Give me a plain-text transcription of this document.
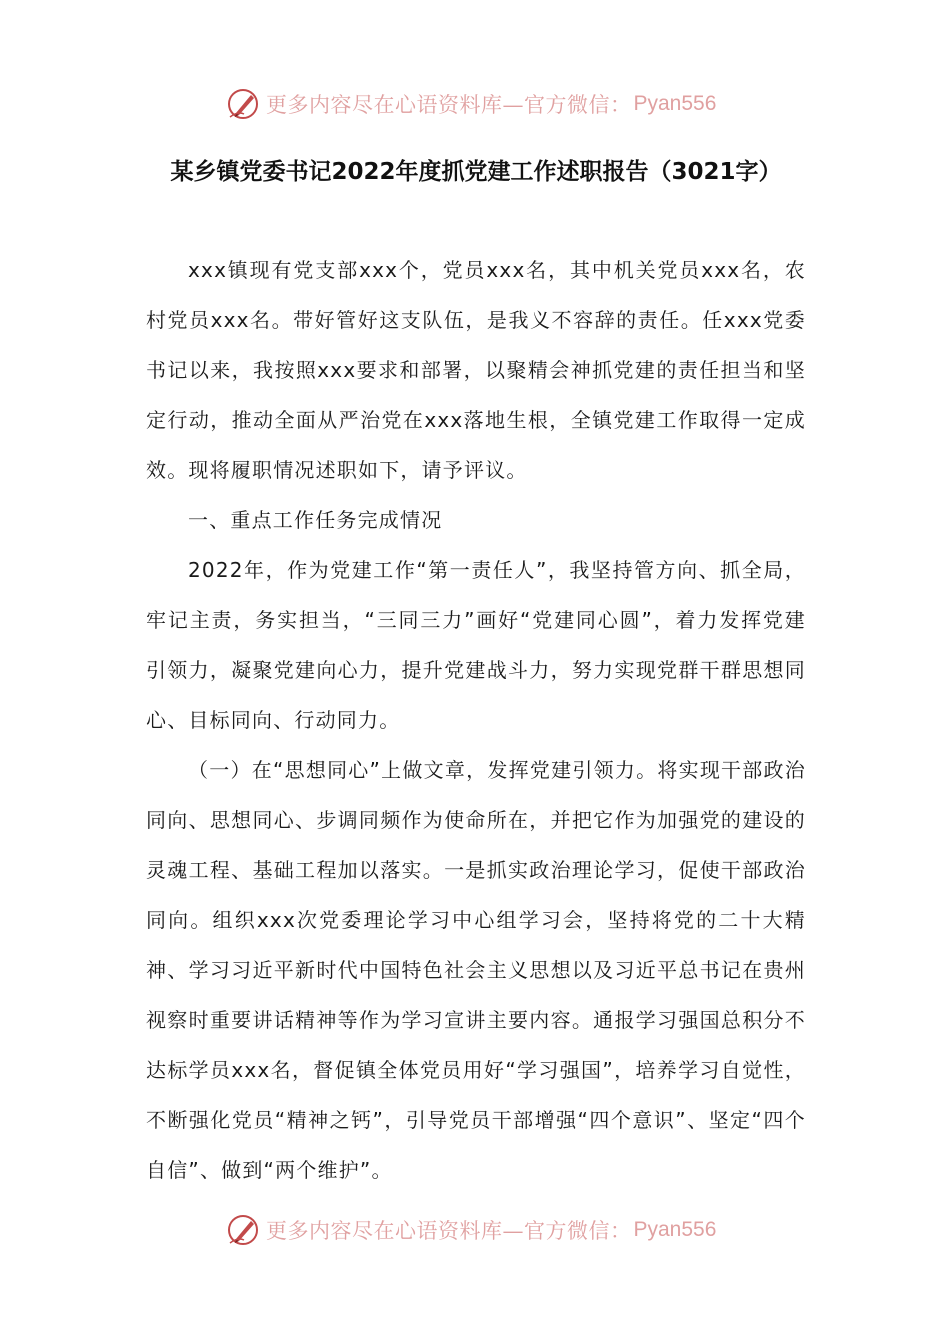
更多内容尽在心语资料库—官方微信： Pyan556
某乡镇党委书记2022年度抓党建工作述职报告（3021字）

xxx镇现有党支部xxx个，党员xxx名，其中机关党员xxx名，农村党员xxx名。带好管好这支队伍，是我义不容辞的责任。任xxx党委书记以来，我按照xxx要求和部署，以聚精会神抓党建的责任担当和坚定行动，推动全面从严治党在xxx落地生根，全镇党建工作取得一定成效。现将履职情况述职如下，请予评议。

一、重点工作任务完成情况

2022年，作为党建工作“第一责任人”，我坚持管方向、抓全局，牢记主责，务实担当，“三同三力”画好“党建同心圆”，着力发挥党建引领力，凝聚党建向心力，提升党建战斗力，努力实现党群干群思想同心、目标同向、行动同力。

（一）在“思想同心”上做文章，发挥党建引领力。将实现干部政治同向、思想同心、步调同频作为使命所在，并把它作为加强党的建设的灵魂工程、基础工程加以落实。一是抓实政治理论学习，促使干部政治同向。组织xxx次党委理论学习中心组学习会，坚持将党的二十大精神、学习习近平新时代中国特色社会主义思想以及习近平总书记在贵州视察时重要讲话精神等作为学习宣讲主要内容。通报学习强国总积分不达标学员xxx名，督促镇全体党员用好“学习强国”，培养学习自觉性，不断强化党员“精神之钙”，引导党员干部增强“四个意识”、坚定“四个自信”、做到“两个维护”。

更多内容尽在心语资料库—官方微信： Pyan556
